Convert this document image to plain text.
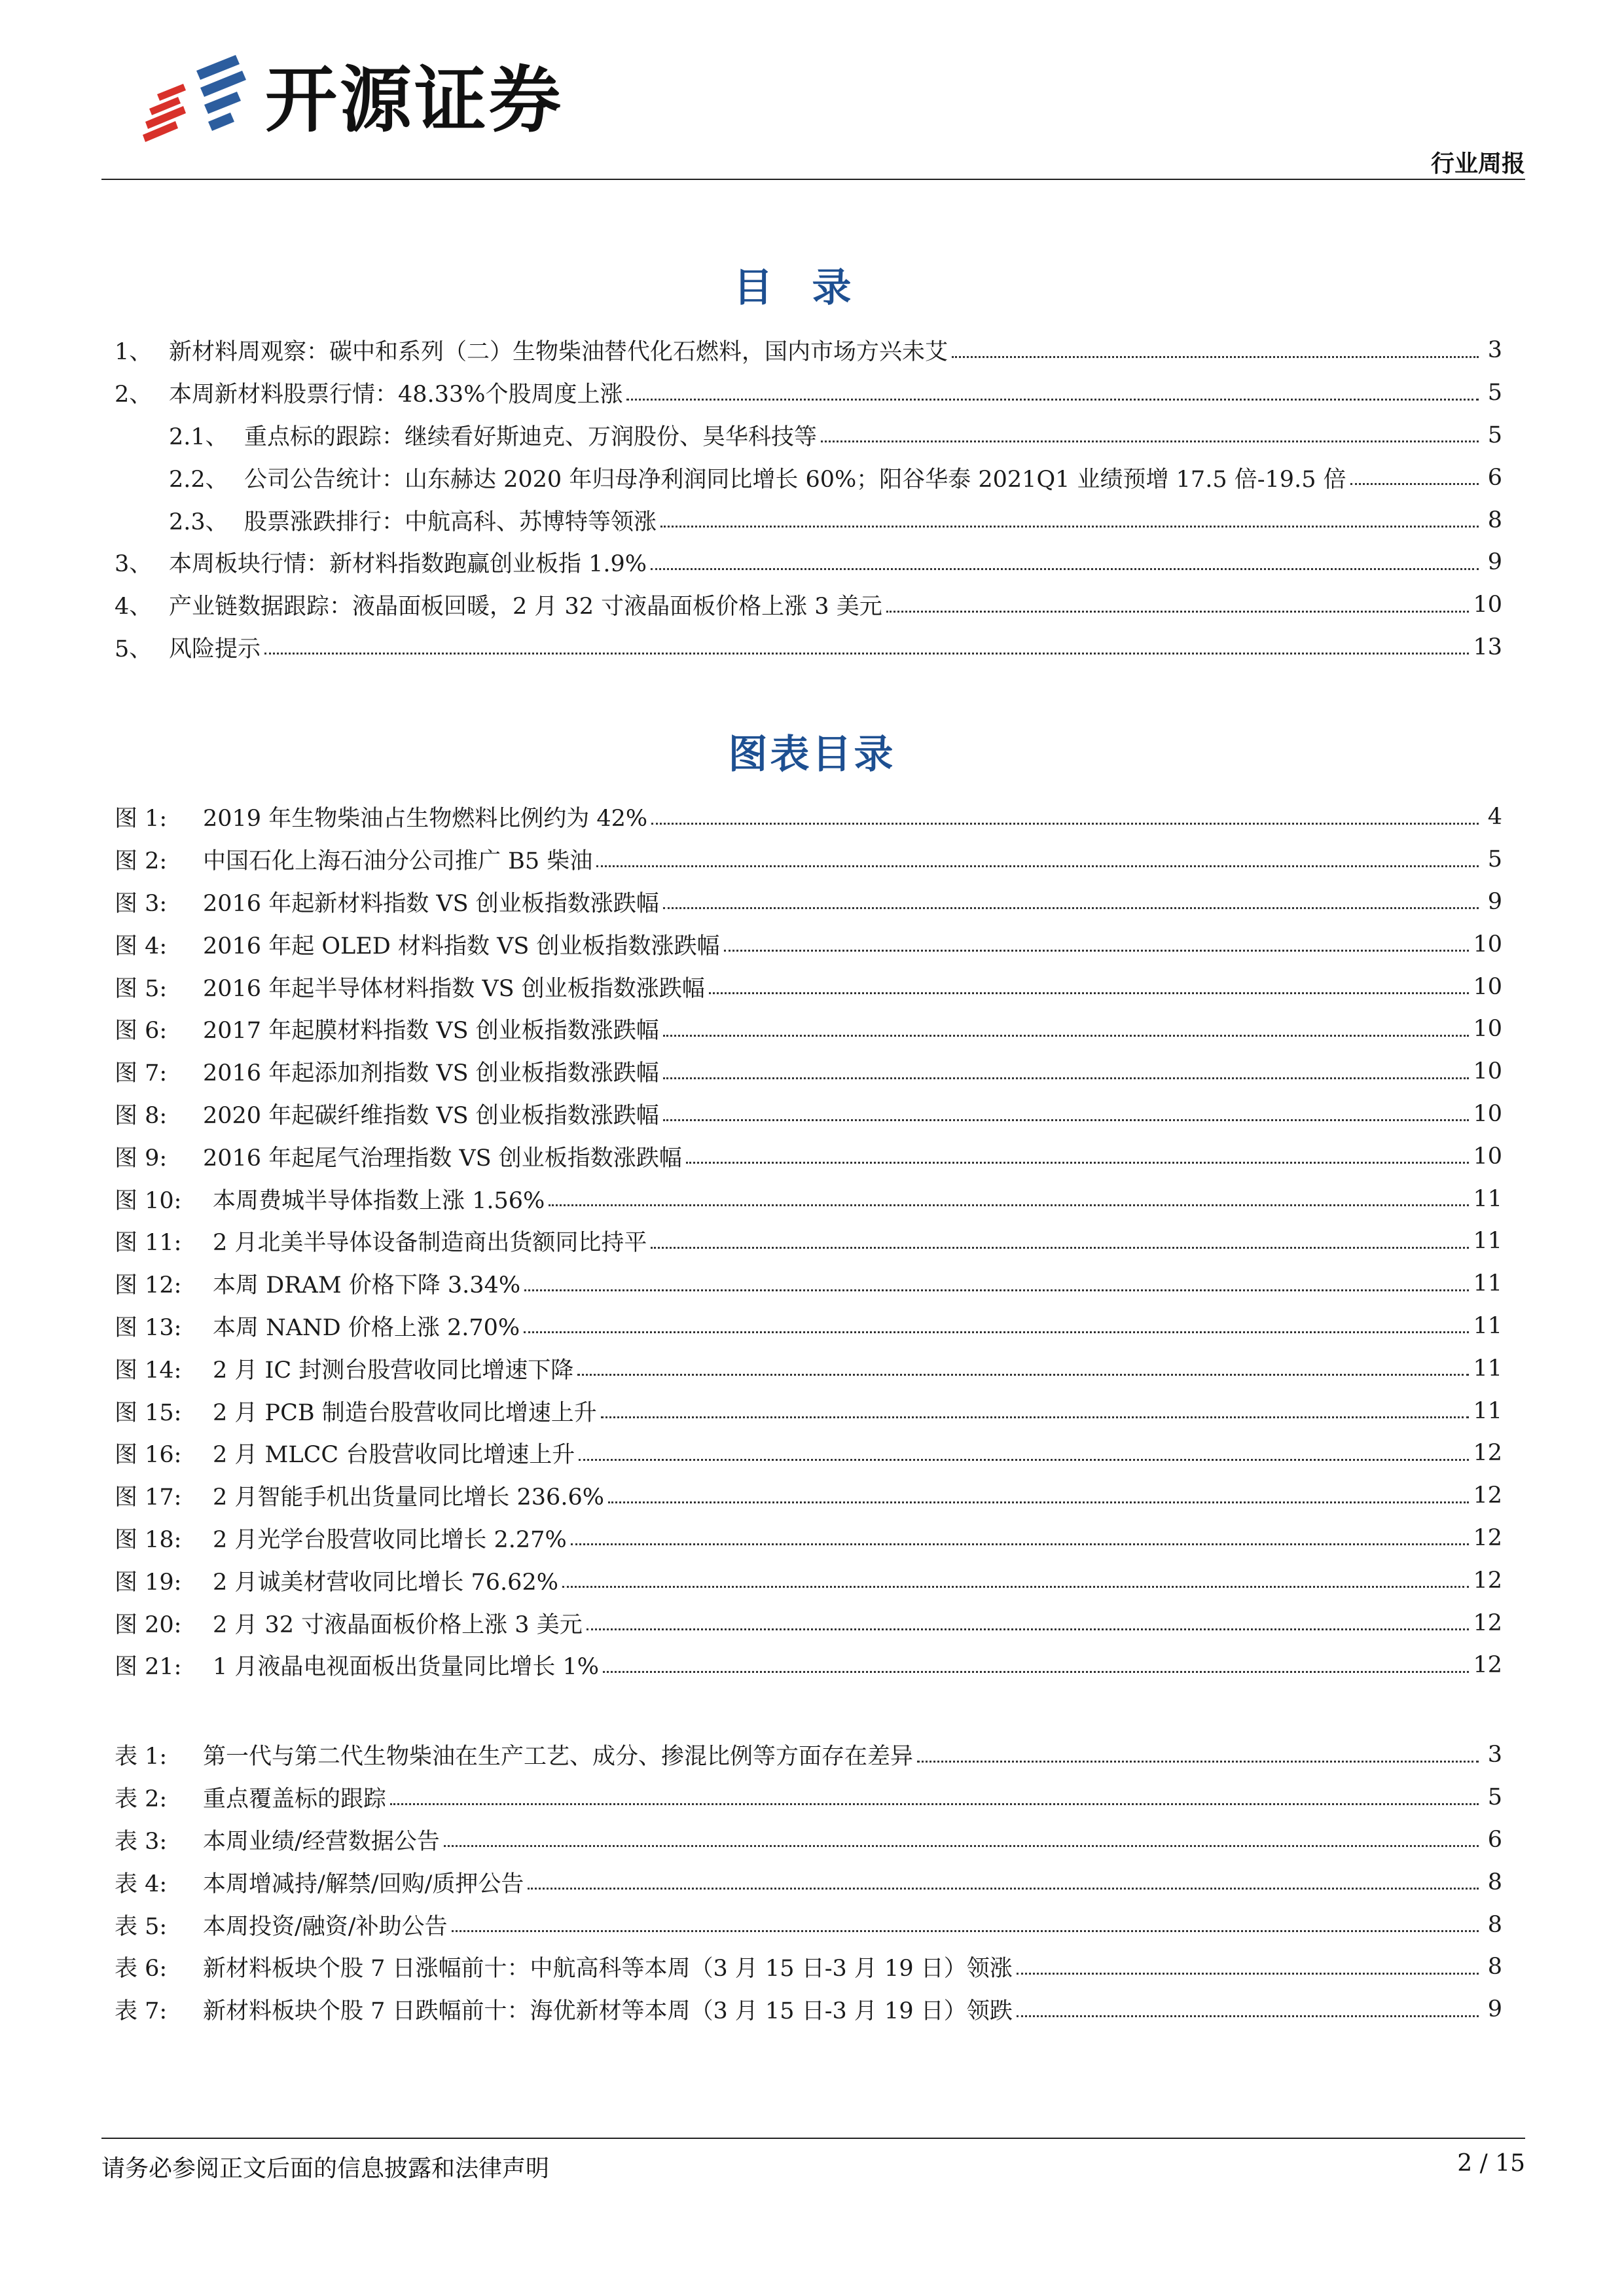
开源证券
行业周报
目录
1、 新材料周观察：碳中和系列（二）生物柴油替代化石燃料，国内市场方兴未艾	3
2、 本周新材料股票行情：48.33%个股周度上涨	5
2.1、 重点标的跟踪：继续看好斯迪克、万润股份、昊华科技等	5
2.2、 公司公告统计：山东赫达 2020 年归母净利润同比增长 60%；阳谷华泰 2021Q1 业绩预增 17.5 倍-19.5 倍	6
2.3、 股票涨跌排行：中航高科、苏博特等领涨	8
3、 本周板块行情：新材料指数跑赢创业板指 1.9%	9
4、 产业链数据跟踪：液晶面板回暖，2 月 32 寸液晶面板价格上涨 3 美元	10
5、 风险提示	13
图表目录
图 1:	2019 年生物柴油占生物燃料比例约为 42%	4
图 2:	中国石化上海石油分公司推广 B5 柴油	5
图 3:	2016 年起新材料指数 VS 创业板指数涨跌幅	9
图 4:	2016 年起 OLED 材料指数 VS 创业板指数涨跌幅	10
图 5:	2016 年起半导体材料指数 VS 创业板指数涨跌幅	10
图 6:	2017 年起膜材料指数 VS 创业板指数涨跌幅	10
图 7:	2016 年起添加剂指数 VS 创业板指数涨跌幅	10
图 8:	2020 年起碳纤维指数 VS 创业板指数涨跌幅	10
图 9:	2016 年起尾气治理指数 VS 创业板指数涨跌幅	10
图 10:	本周费城半导体指数上涨 1.56%	11
图 11:	2 月北美半导体设备制造商出货额同比持平	11
图 12:	本周 DRAM 价格下降 3.34%	11
图 13:	本周 NAND 价格上涨 2.70%	11
图 14:	2 月 IC 封测台股营收同比增速下降	11
图 15:	2 月 PCB 制造台股营收同比增速上升	11
图 16:	2 月 MLCC 台股营收同比增速上升	12
图 17:	2 月智能手机出货量同比增长 236.6%	12
图 18:	2 月光学台股营收同比增长 2.27%	12
图 19:	2 月诚美材营收同比增长 76.62%	12
图 20:	2 月 32 寸液晶面板价格上涨 3 美元	12
图 21:	1 月液晶电视面板出货量同比增长 1%	12
表 1:	第一代与第二代生物柴油在生产工艺、成分、掺混比例等方面存在差异	3
表 2:	重点覆盖标的跟踪	5
表 3:	本周业绩/经营数据公告	6
表 4:	本周增减持/解禁/回购/质押公告	8
表 5:	本周投资/融资/补助公告	8
表 6:	新材料板块个股 7 日涨幅前十：中航高科等本周（3 月 15 日-3 月 19 日）领涨	8
表 7:	新材料板块个股 7 日跌幅前十：海优新材等本周（3 月 15 日-3 月 19 日）领跌	9
请务必参阅正文后面的信息披露和法律声明	2 / 15
